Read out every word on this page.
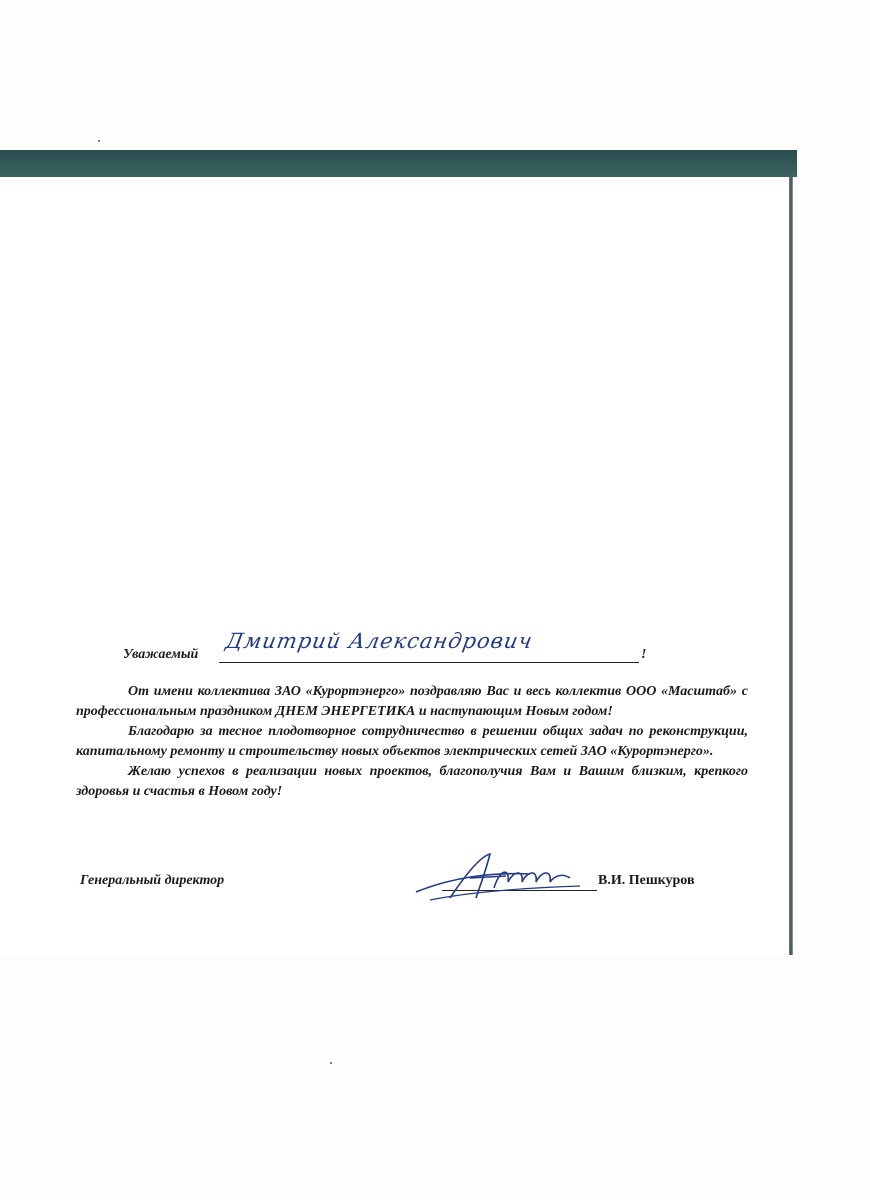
Уважаемый
Дмитрий Александрович
!

От имени коллектива ЗАО «Курортэнерго» поздравляю Вас и весь коллектив ООО «Масштаб» с профессиональным праздником ДНЕМ ЭНЕРГЕТИКА и наступающим Новым годом!

Благодарю за тесное плодотворное сотрудничество в решении общих задач по реконструкции, капитальному ремонту и строительству новых объектов электрических сетей ЗАО «Курортэнерго».

Желаю успехов в реализации новых проектов, благополучия Вам и Вашим близким, крепкого здоровья и счастья в Новом году!

Генеральный директор	В.И. Пешкуров
